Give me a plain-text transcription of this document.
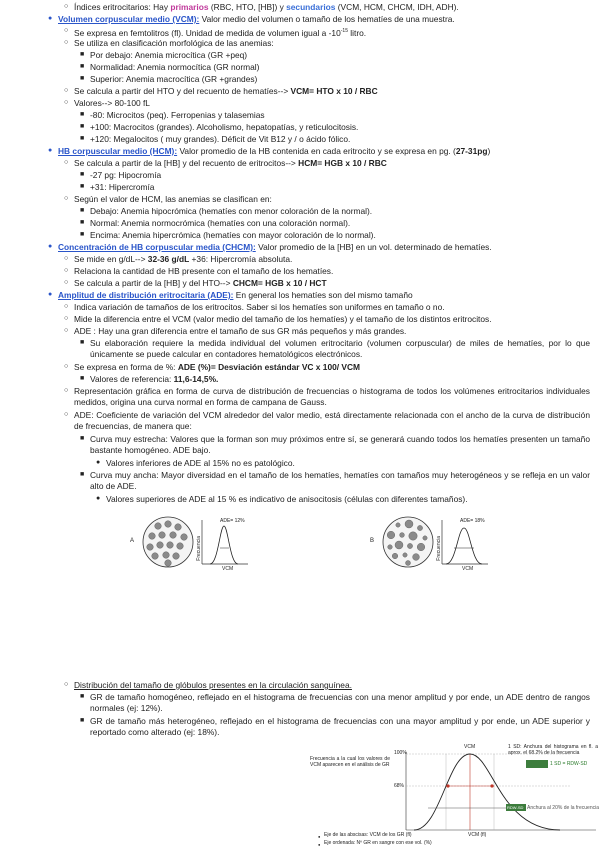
○ Índices eritrocitarios: Hay primarios (RBC, HTO, [HB]) y secundarios (VCM, HCM, CHCM, IDH, ADH).
● Volumen corpuscular medio (VCM): Valor medio del volumen o tamaño de los hematíes de una muestra.
○ Se expresa en femtolitros (fl). Unidad de medida de volumen igual a $-10^{-15}$ litro.
○ Se utiliza en clasificación morfológica de las anemias:
■ Por debajo: Anemia microcítica (GR +peq)
■ Normalidad: Anemia normocítica (GR normal)
■ Superior: Anemia macrocítica (GR +grandes)
○ Se calcula a partir del HTO y del recuento de hematíes--> VCM= HTO x 10 / RBC
○ Valores--> 80-100 fL
■ -80: Microcitos (peq). Ferropenias y talasemias
■ +100: Macrocitos (grandes). Alcoholismo, hepatopatías, y reticulocitosis.
■ +120: Megalocitos ( muy grandes). Déficit de Vit B12 y / o ácido fólico.
● HB corpuscular medio (HCM): Valor promedio de la HB contenida en cada eritrocito y se expresa en pg. (27-31pg)
○ Se calcula a partir de la [HB] y del recuento de eritrocitos--> HCM= HGB x 10 / RBC
■ -27 pg: Hipocromía
■ +31: Hipercromía
○ Según el valor de HCM, las anemias se clasifican en:
■ Debajo: Anemia hipocrómica (hematíes con menor coloración de la normal).
■ Normal: Anemia normocrómica (hematíes con una coloración normal).
■ Encima: Anemia hipercrómica (hematíes con mayor coloración de lo normal).
● Concentración de HB corpuscular media (CHCM): Valor promedio de la [HB] en un vol. determinado de hematíes.
○ Se mide en g/dL--> 32-36 g/dL +36: Hipercromía absoluta.
○ Relaciona la cantidad de HB presente con el tamaño de los hematíes.
○ Se calcula a partir de la [HB] y del HTO--> CHCM= HGB x 10 / HCT
● Amplitud de distribución eritrocitaria (ADE): En general los hematíes son del mismo tamaño
○ Indica variación de tamaños de los eritrocitos. Saber si los hematíes son uniformes en tamaño o no.
○ Mide la diferencia entre el VCM (valor medio del tamaño de los hematíes) y el tamaño de los distintos eritrocitos.
○ ADE : Hay una gran diferencia entre el tamaño de sus GR más pequeños y más grandes.
■ Su elaboración requiere la medida individual del volumen eritrocitario (volumen corpuscular) de miles de hematíes, por lo que únicamente se puede calcular en contadores hematológicos electrónicos.
○ Se expresa en forma de %: ADE (%)= Desviación estándar VC x 100/ VCM
■ Valores de referencia: 11,6-14,5%.
○ Representación gráfica en forma de curva de distribución de frecuencias o histograma de todos los volúmenes eritrocitarios individuales medidos, origina una curva normal en forma de campana de Gauss.
○ ADE: Coeficiente de variación del VCM alrededor del valor medio, está directamente relacionada con el ancho de la curva de distribución de frecuencias, de manera que:
■ Curva muy estrecha: Valores que la forman son muy próximos entre sí, se generará cuando todos los hematíes presenten un tamaño bastante homogéneo. ADE bajo.
● Valores inferiores de ADE al 15% no es patológico.
■ Curva muy ancha: Mayor diversidad en el tamaño de los hematíes, hematíes con tamaños muy heterogéneos y se refleja en un valor alto de ADE.
● Valores superiores de ADE al 15 % es indicativo de anisocitosis (células con diferentes tamaños).
A
ADE= 12%
Frecuencia
VCM
B
ADE= 18%
Frecuencia
VCM
○ Distribución del tamaño de glóbulos presentes en la circulación sanguínea.
■ GR de tamaño homogéneo, reflejado en el histograma de frecuencias con una menor amplitud y por ende, un ADE dentro de rangos normales (ej: 12%).
■ GR de tamaño más heterogéneo, reflejado en el histograma de frecuencias con una mayor amplitud y por ende, un ADE superior y reportado como alterado (ej: 18%).
Frecuencia a la cual los valores de VCM aparecen en el análisis de GR
1 SD: Anchura del histograma en fl. a aprox. el 68.2% de la frecuencia
100%
68%
VCM
1 SD = RDW-SD
Anchura al 20% de la frecuencia
RDW-SD
VCM (fl)
● Eje de las abscisas: VCM de los GR (fl)
● Eje ordenada: Nº GR en sangre con ese vol. (%)
